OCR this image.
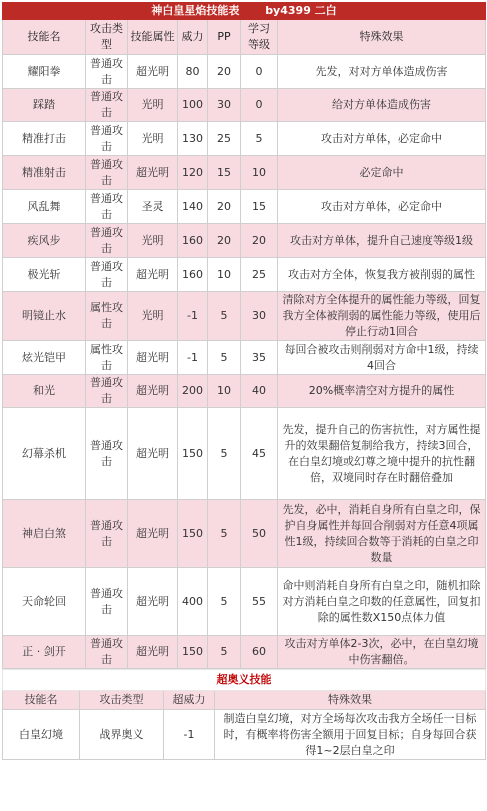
神白皇星焰技能表 by4399 二白						
技能名	攻击类型	技能属性	威力	PP	学习等级	特殊效果
耀阳拳	普通攻击	超光明	80	20	0	先发，对对方单体造成伤害
踩踏	普通攻击	光明	100	30	0	给对方单体造成伤害
精准打击	普通攻击	光明	130	25	5	攻击对方单体，必定命中
精准射击	普通攻击	超光明	120	15	10	必定命中
风乱舞	普通攻击	圣灵	140	20	15	攻击对方单体，必定命中
疾风步	普通攻击	光明	160	20	20	攻击对方单体，提升自己速度等级1级
极光斩	普通攻击	超光明	160	10	25	攻击对方全体，恢复我方被削弱的属性
明镜止水	属性攻击	光明	-1	5	30	清除对方全体提升的属性能力等级，回复我方全体被削弱的属性能力等级，使用后停止行动1回合
炫光铠甲	属性攻击	超光明	-1	5	35	每回合被攻击则削弱对方命中1级，持续4回合
和光	普通攻击	超光明	200	10	40	20%概率清空对方提升的属性
幻幕杀机	普通攻击	超光明	150	5	45	先发，提升自己的伤害抗性，对方属性提升的效果翻倍复制给我方，持续3回合，在白皇幻境或幻尊之境中提升的抗性翻倍，双境同时存在时翻倍叠加
神启白煞	普通攻击	超光明	150	5	50	先发，必中，消耗自身所有白皇之印，保护自身属性并每回合削弱对方任意4项属性1级，持续回合数等于消耗的白皇之印数量
天命轮回	普通攻击	超光明	400	5	55	命中则消耗自身所有白皇之印，随机扣除对方消耗白皇之印数的任意属性，回复扣除的属性数X150点体力值
正 · 剑开	普通攻击	超光明	150	5	60	攻击对方单体2-3次，必中，在白皇幻境中伤害翻倍。
超奥义技能			
技能名	攻击类型	超威力	特殊效果
白皇幻境	战界奥义	-1	制造白皇幻境，对方全场每次攻击我方全场任一目标时，有概率将伤害全额用于回复目标；自身每回合获得1~2层白皇之印
